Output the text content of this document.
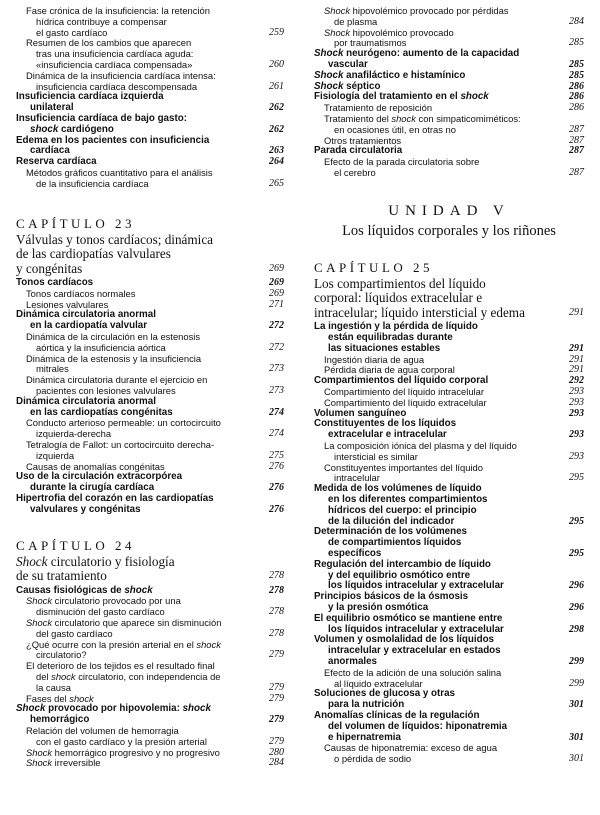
Fase crónica de la insuficiencia: la retención
hídrica contribuye a compensar
el gasto cardíaco	259
Resumen de los cambios que aparecen
tras una insuficiencia cardíaca aguda:
«insuficiencia cardíaca compensada»	260
Dinámica de la insuficiencia cardíaca intensa:
insuficiencia cardíaca descompensada	261
Insuficiencia cardíaca izquierda
unilateral	262
Insuficiencia cardíaca de bajo gasto:
shock cardiógeno	262
Edema en los pacientes con insuficiencia
cardíaca	263
Reserva cardíaca	264
Métodos gráficos cuantitativo para el análisis
de la insuficiencia cardíaca	265
CAPÍTULO 23
Válvulas y tonos cardíacos; dinámica
de las cardiopatías valvulares
y congénitas	269
Tonos cardíacos	269
Tonos cardíacos normales	269
Lesiones valvulares	271
Dinámica circulatoria anormal
en la cardiopatía valvular	272
Dinámica de la circulación en la estenosis
aórtica y la insuficiencia aórtica	272
Dinámica de la estenosis y la insuficiencia
mitrales	273
Dinámica circulatoria durante el ejercicio en
pacientes con lesiones valvulares	273
Dinámica circulatoria anormal
en las cardiopatías congénitas	274
Conducto arterioso permeable: un cortocircuito
izquierda-derecha	274
Tetralogía de Fallot: un cortocircuito derecha-
izquierda	275
Causas de anomalías congénitas	276
Uso de la circulación extracorpórea
durante la cirugía cardíaca	276
Hipertrofia del corazón en las cardiopatías
valvulares y congénitas	276
CAPÍTULO 24
Shock circulatorio y fisiología
de su tratamiento	278
Causas fisiológicas de shock	278
Shock circulatorio provocado por una
disminución del gasto cardíaco	278
Shock circulatorio que aparece sin disminución
del gasto cardíaco	278
¿Qué ocurre con la presión arterial en el shock
circulatorio?	279
El deterioro de los tejidos es el resultado final
del shock circulatorio, con independencia de
la causa	279
Fases del shock	279
Shock provocado por hipovolemia: shock
hemorrágico	279
Relación del volumen de hemorragia
con el gasto cardíaco y la presión arterial	279
Shock hemorrágico progresivo y no progresivo	280
Shock irreversible	284
Shock hipovolémico provocado por pérdidas
de plasma	284
Shock hipovolémico provocado
por traumatismos	285
Shock neurógeno: aumento de la capacidad
vascular	285
Shock anafiláctico e histamínico	285
Shock séptico	286
Fisiología del tratamiento en el shock	286
Tratamiento de reposición	286
Tratamiento del shock con simpaticomiméticos:
en ocasiones útil, en otras no	287
Otros tratamientos	287
Parada circulatoria	287
Efecto de la parada circulatoria sobre
el cerebro	287
UNIDAD V
Los líquidos corporales y los riñones
CAPÍTULO 25
Los compartimientos del líquido
corporal: líquidos extracelular e
intracelular; líquido intersticial y edema	291
La ingestión y la pérdida de líquido
están equilibradas durante
las situaciones estables	291
Ingestión diaria de agua	291
Pérdida diaria de agua corporal	291
Compartimientos del líquido corporal	292
Compartimiento del líquido intracelular	293
Compartimiento del líquido extracelular	293
Volumen sanguíneo	293
Constituyentes de los líquidos
extracelular e intracelular	293
La composición iónica del plasma y del líquido
intersticial es similar	293
Constituyentes importantes del líquido
intracelular	295
Medida de los volúmenes de líquido
en los diferentes compartimientos
hídricos del cuerpo: el principio
de la dilución del indicador	295
Determinación de los volúmenes
de compartimientos líquidos
específicos	295
Regulación del intercambio de líquido
y del equilibrio osmótico entre
los líquidos intracelular y extracelular	296
Principios básicos de la ósmosis
y la presión osmótica	296
El equilibrio osmótico se mantiene entre
los líquidos intracelular y extracelular	298
Volumen y osmolalidad de los líquidos
intracelular y extracelular en estados
anormales	299
Efecto de la adición de una solución salina
al líquido extracelular	299
Soluciones de glucosa y otras
para la nutrición	301
Anomalías clínicas de la regulación
del volumen de líquidos: hiponatremia
e hipernatremia	301
Causas de hiponatremia: exceso de agua
o pérdida de sodio	301
